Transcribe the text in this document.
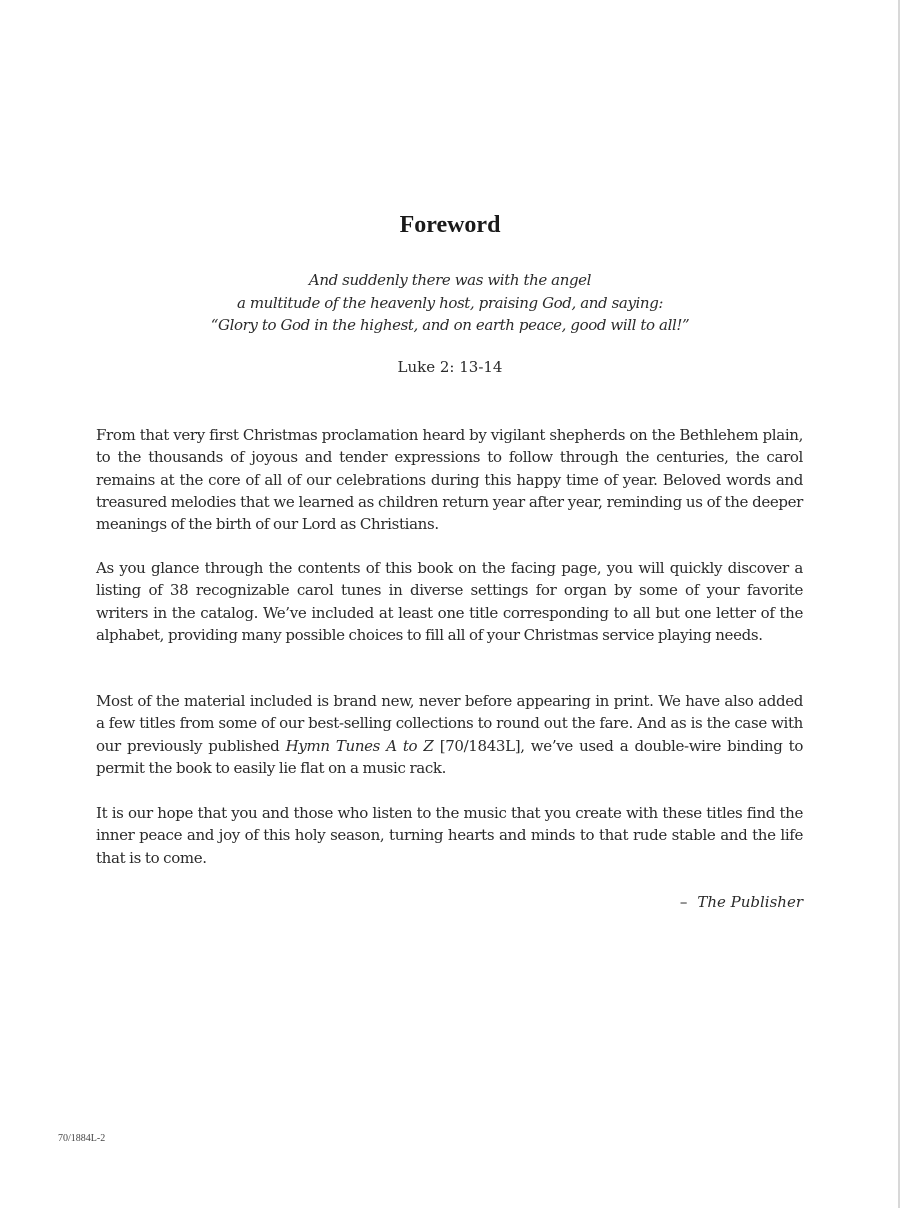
Foreword
And suddenly there was with the angel
a multitude of the heavenly host, praising God, and saying:
“Glory to God in the highest, and on earth peace, good will to all!”
Luke 2: 13-14

From that very first Christmas proclamation heard by vigilant shepherds on the Bethlehem plain, to the thousands of joyous and tender expressions to follow through the centuries, the carol remains at the core of all of our celebrations during this happy time of year. Beloved words and treasured melodies that we learned as children return year after year, reminding us of the deeper meanings of the birth of our Lord as Christians.

As you glance through the contents of this book on the facing page, you will quickly discover a listing of 38 recognizable carol tunes in diverse settings for organ by some of your favorite writers in the catalog. We’ve included at least one title corresponding to all but one letter of the alphabet, providing many possible choices to fill all of your Christmas service playing needs.

Most of the material included is brand new, never before appearing in print. We have also added a few titles from some of our best-selling collections to round out the fare. And as is the case with our previously published Hymn Tunes A to Z [70/1843L], we’ve used a double-wire binding to permit the book to easily lie flat on a music rack.

It is our hope that you and those who listen to the music that you create with these titles find the inner peace and joy of this holy season, turning hearts and minds to that rude stable and the life that is to come.

– The Publisher
70/1884L-2
